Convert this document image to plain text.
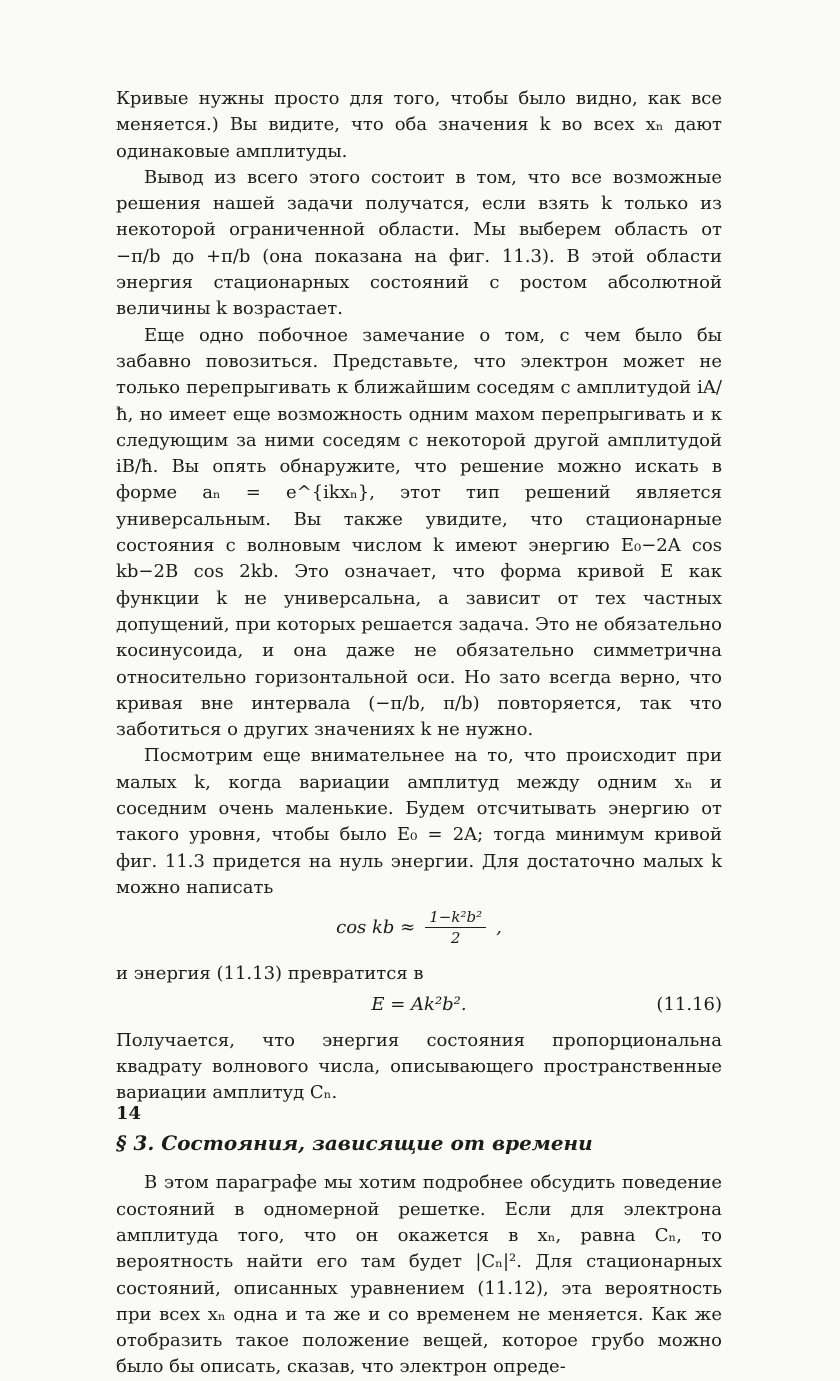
Кривые нужны просто для того, чтобы было видно, как все меняется.) Вы видите, что оба значения k во всех xₙ дают одинаковые амплитуды.

Вывод из всего этого состоит в том, что все возможные решения нашей задачи получатся, если взять k только из некоторой ограниченной области. Мы выберем область от −π/b до +π/b (она показана на фиг. 11.3). В этой области энергия стационарных состояний с ростом абсолютной величины k возрастает.

Еще одно побочное замечание о том, с чем было бы забавно повозиться. Представьте, что электрон может не только перепрыгивать к ближайшим соседям с амплитудой iA/ħ, но имеет еще возможность одним махом перепрыгивать и к следующим за ними соседям с некоторой другой амплитудой iB/ħ. Вы опять обнаружите, что решение можно искать в форме aₙ = e^{ikxₙ}, этот тип решений является универсальным. Вы также увидите, что стационарные состояния с волновым числом k имеют энергию E₀−2A cos kb−2B cos 2kb. Это означает, что форма кривой E как функции k не универсальна, а зависит от тех частных допущений, при которых решается задача. Это не обязательно косинусоида, и она даже не обязательно симметрична относительно горизонтальной оси. Но зато всегда верно, что кривая вне интервала (−π/b, π/b) повторяется, так что заботиться о других значениях k не нужно.

Посмотрим еще внимательнее на то, что происходит при малых k, когда вариации амплитуд между одним xₙ и соседним очень маленькие. Будем отсчитывать энергию от такого уровня, чтобы было E₀ = 2A; тогда минимум кривой фиг. 11.3 придется на нуль энергии. Для достаточно малых k можно написать

cos kb ≈ $\frac{\text{1−k²b²}}{2}$ ,

и энергия (11.13) превратится в

E = Ak²b².	(11.16)

Получается, что энергия состояния пропорциональна квадрату волнового числа, описывающего пространственные вариации амплитуд Cₙ.

§ 3. Состояния, зависящие от времени

В этом параграфе мы хотим подробнее обсудить поведение состояний в одномерной решетке. Если для электрона амплитуда того, что он окажется в xₙ, равна Cₙ, то вероятность найти его там будет |Cₙ|². Для стационарных состояний, описанных уравнением (11.12), эта вероятность при всех xₙ одна и та же и со временем не меняется. Как же отобразить такое положение вещей, которое грубо можно было бы описать, сказав, что электрон опреде-

14
